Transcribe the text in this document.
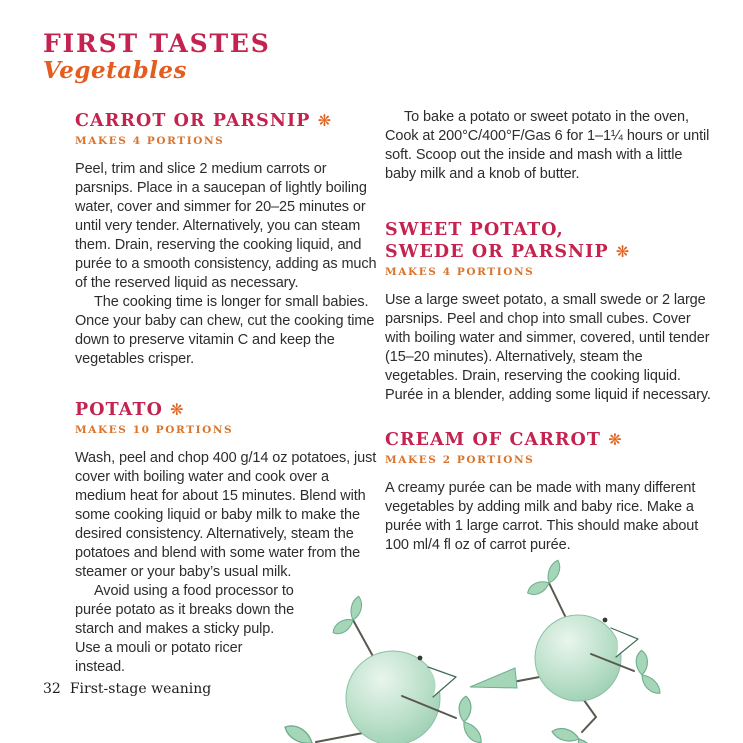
FIRST TASTES
Vegetables
CARROT OR PARSNIP ❋
MAKES 4 PORTIONS

Peel, trim and slice 2 medium carrots or parsnips. Place in a saucepan of lightly boiling water, cover and simmer for 20–25 minutes or until very tender. Alternatively, you can steam them. Drain, reserving the cooking liquid, and purée to a smooth consistency, adding as much of the reserved liquid as necessary.

The cooking time is longer for small babies. Once your baby can chew, cut the cooking time down to preserve vitamin C and keep the vegetables crisper.

POTATO ❋
MAKES 10 PORTIONS

Wash, peel and chop 400 g/14 oz potatoes, just cover with boiling water and cook over a medium heat for about 15 minutes. Blend with some cooking liquid or baby milk to make the desired consistency. Alternatively, steam the potatoes and blend with some water from the steamer or your baby’s usual milk.

Avoid using a food processor to purée potato as it breaks down the starch and makes a sticky pulp. Use a mouli or potato ricer instead.

To bake a potato or sweet potato in the oven, Cook at 200°C/400°F/Gas 6 for 1–1¼ hours or until soft. Scoop out the inside and mash with a little baby milk and a knob of butter.

SWEET POTATO,
SWEDE OR PARSNIP ❋
MAKES 4 PORTIONS

Use a large sweet potato, a small swede or 2 large parsnips. Peel and chop into small cubes. Cover with boiling water and simmer, covered, until tender (15–20 minutes). Alternatively, steam the vegetables. Drain, reserving the cooking liquid. Purée in a blender, adding some liquid if necessary.

CREAM OF CARROT ❋
MAKES 2 PORTIONS

A creamy purée can be made with many different vegetables by adding milk and baby rice. Make a purée with 1 large carrot. This should make about 100 ml/4 fl oz of carrot purée.

32 First-stage weaning
